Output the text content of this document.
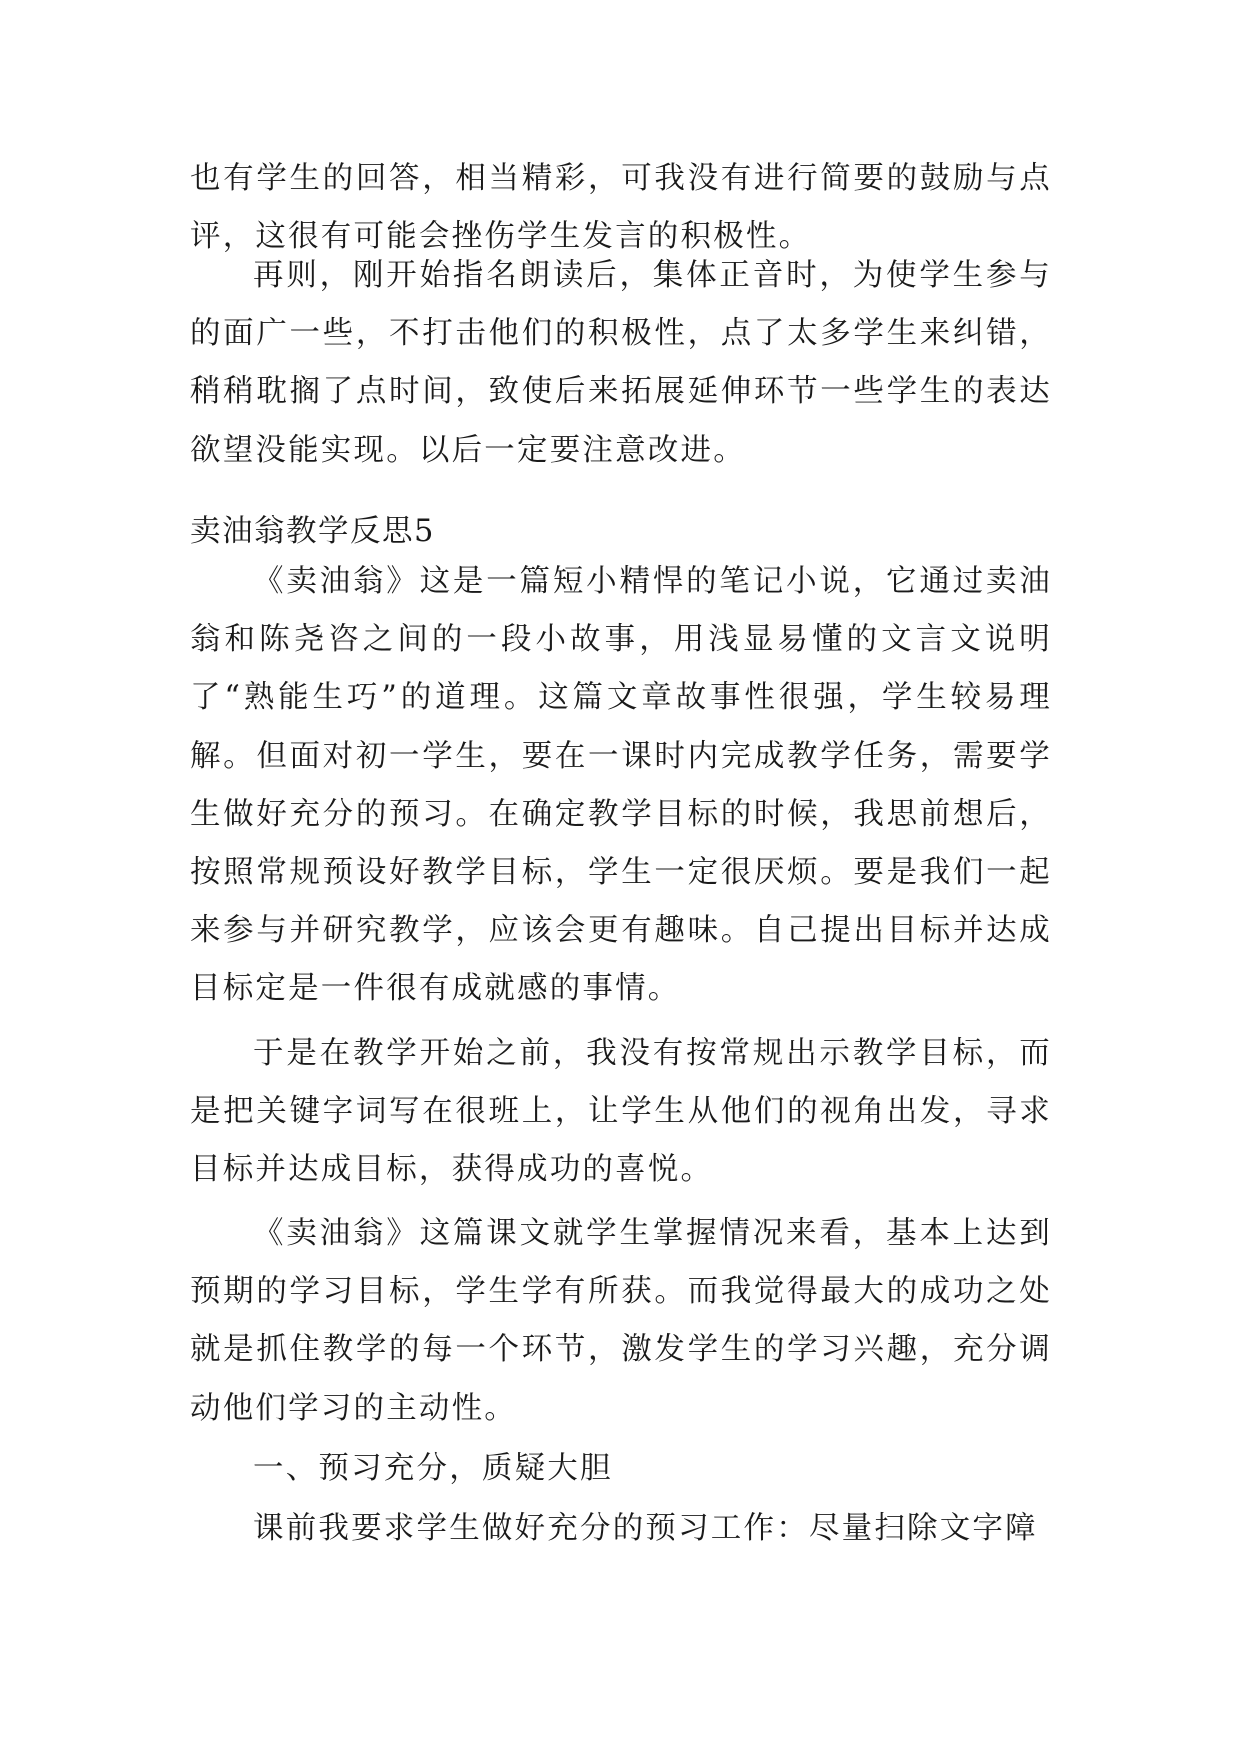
也有学生的回答，相当精彩，可我没有进行简要的鼓励与点评，这很有可能会挫伤学生发言的积极性。

再则，刚开始指名朗读后，集体正音时，为使学生参与的面广一些，不打击他们的积极性，点了太多学生来纠错，稍稍耽搁了点时间，致使后来拓展延伸环节一些学生的表达欲望没能实现。以后一定要注意改进。

卖油翁教学反思5

《卖油翁》这是一篇短小精悍的笔记小说，它通过卖油翁和陈尧咨之间的一段小故事，用浅显易懂的文言文说明了“熟能生巧”的道理。这篇文章故事性很强，学生较易理解。但面对初一学生，要在一课时内完成教学任务，需要学生做好充分的预习。在确定教学目标的时候，我思前想后，按照常规预设好教学目标，学生一定很厌烦。要是我们一起来参与并研究教学，应该会更有趣味。自己提出目标并达成目标定是一件很有成就感的事情。

于是在教学开始之前，我没有按常规出示教学目标，而是把关键字词写在很班上，让学生从他们的视角出发，寻求目标并达成目标，获得成功的喜悦。

《卖油翁》这篇课文就学生掌握情况来看，基本上达到预期的学习目标，学生学有所获。而我觉得最大的成功之处就是抓住教学的每一个环节，激发学生的学习兴趣，充分调动他们学习的主动性。

一、预习充分，质疑大胆

课前我要求学生做好充分的预习工作：尽量扫除文字障
